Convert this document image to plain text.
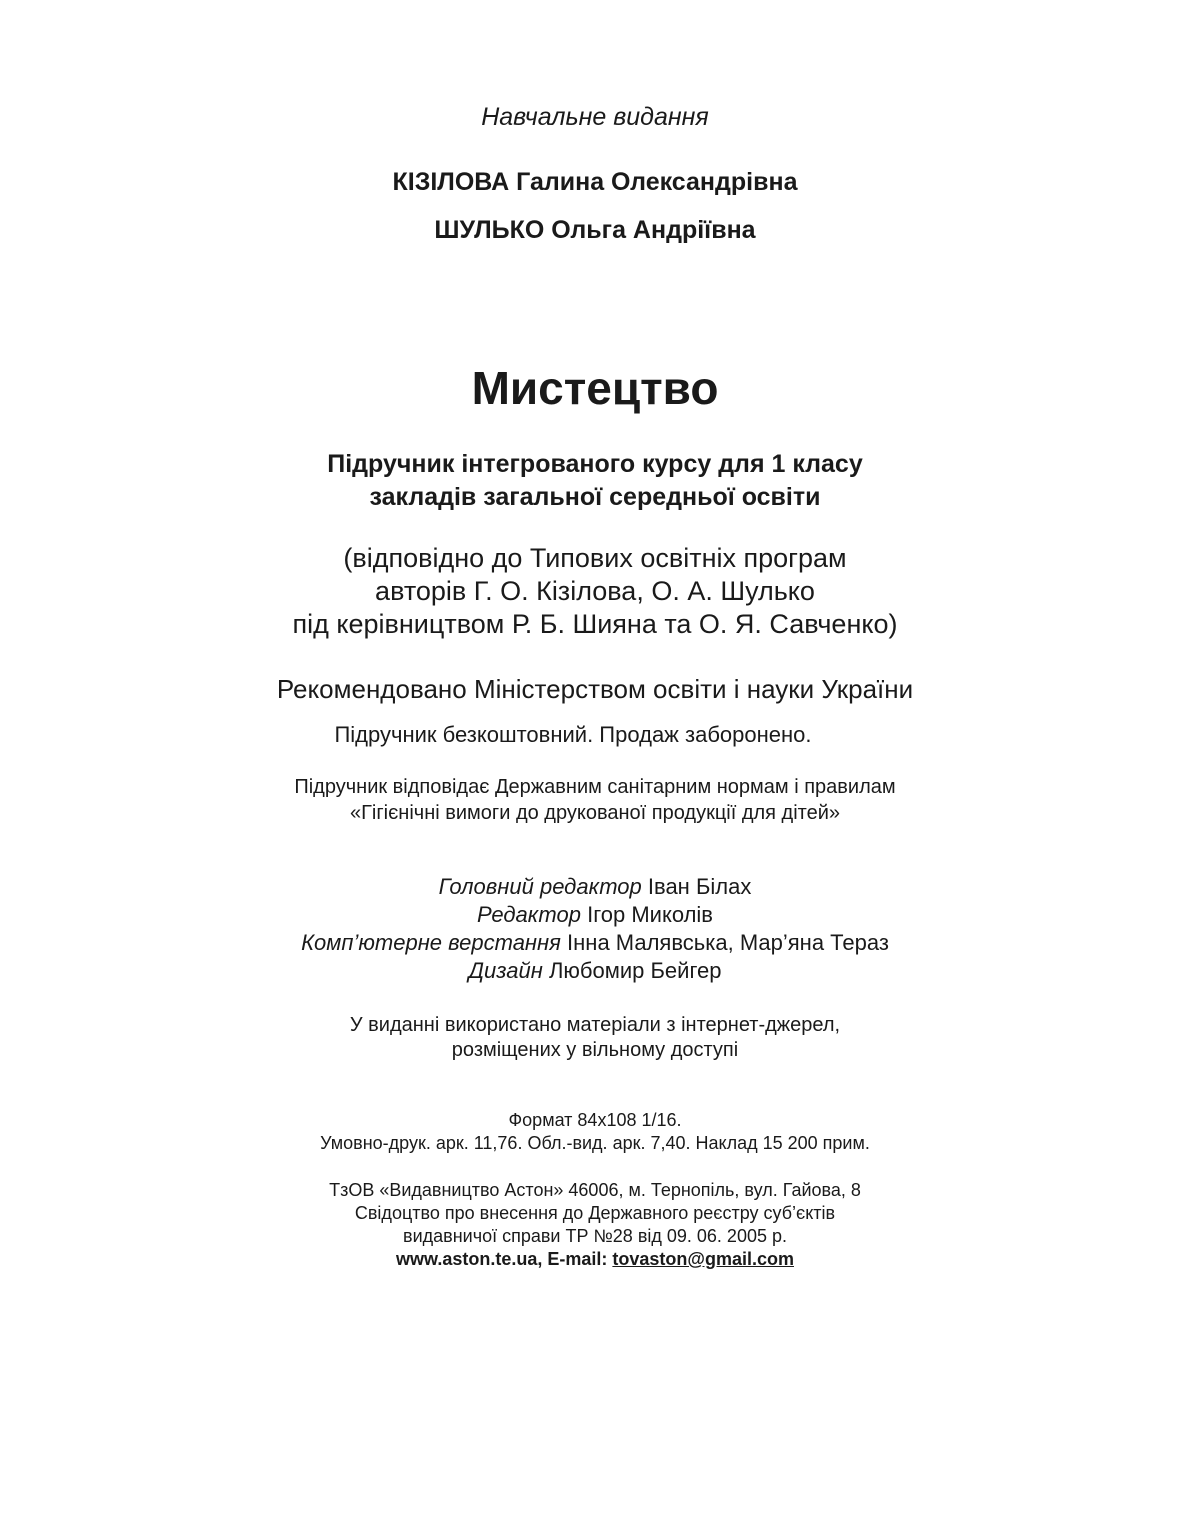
Навчальне видання
КІЗІЛОВА Галина Олександрівна
ШУЛЬКО Ольга Андріївна
Мистецтво
Підручник інтегрованого курсу для 1 класу
закладів загальної середньої освіти
(відповідно до Типових освітніх програм
авторів Г. О. Кізілова, О. А. Шулько
під керівництвом Р. Б. Шияна та О. Я. Савченко)
Рекомендовано Міністерством освіти і науки України
Підручник безкоштовний. Продаж заборонено.
Підручник відповідає Державним санітарним нормам і правилам
«Гігієнічні вимоги до друкованої продукції для дітей»
Головний редактор Іван Білах
Редактор Ігор Миколів
Комп’ютерне верстання Інна Малявська, Мар’яна Тераз
Дизайн Любомир Бейгер
У виданні використано матеріали з інтернет-джерел,
розміщених у вільному доступі
Формат 84х108 1/16.
Умовно-друк. арк. 11,76. Обл.-вид. арк. 7,40. Наклад 15 200 прим.
ТзОВ «Видавництво Астон» 46006, м. Тернопіль, вул. Гайова, 8
Свідоцтво про внесення до Державного реєстру суб’єктів
видавничої справи ТР №28 від 09. 06. 2005 р.
www.aston.te.ua, E-mail: tovaston@gmail.com
